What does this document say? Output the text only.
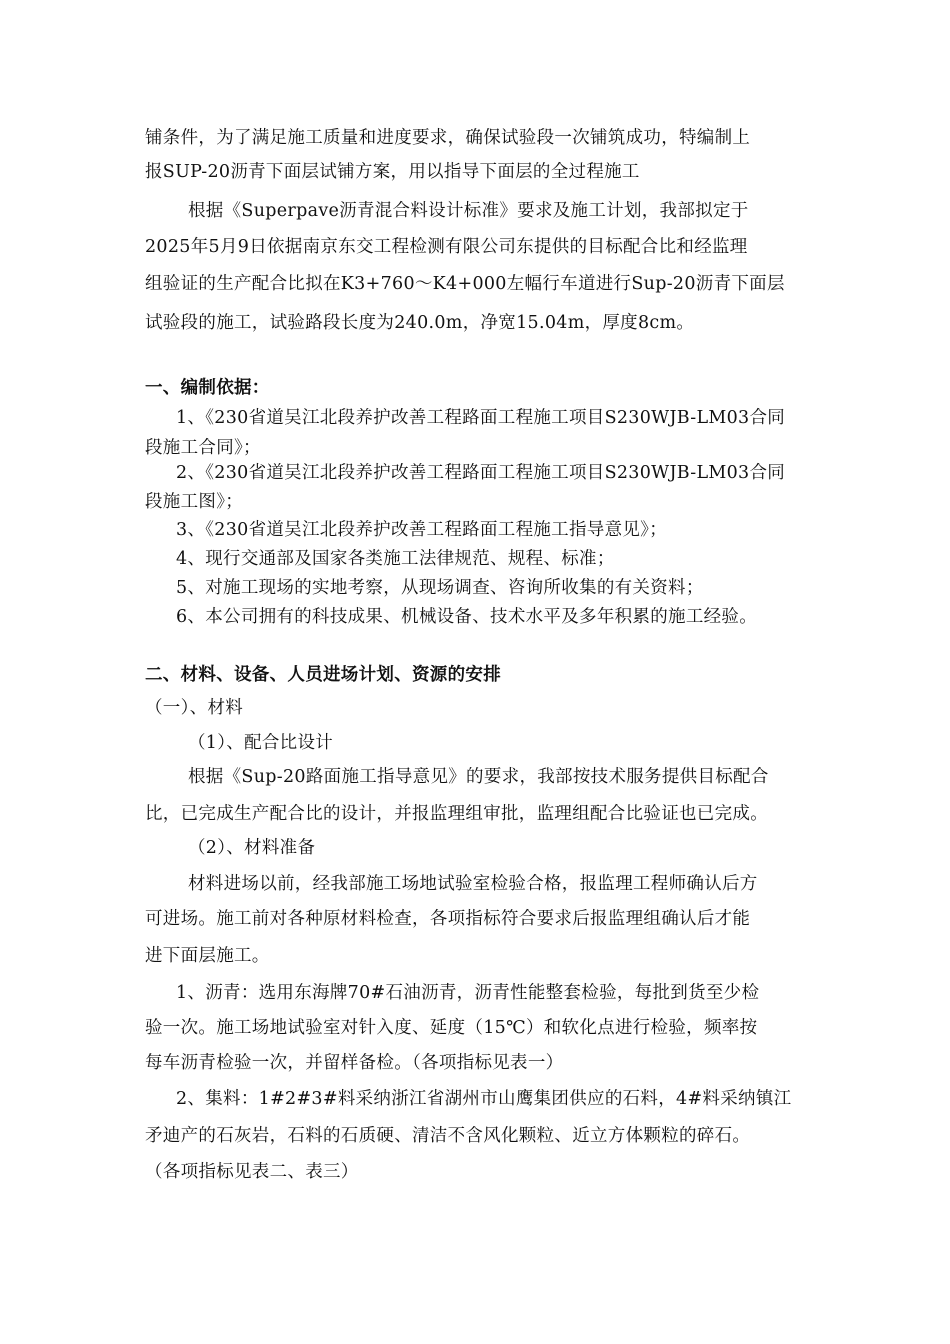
铺条件，为了满足施工质量和进度要求，确保试验段一次铺筑成功，特编制上
报SUP-20沥青下面层试铺方案，用以指导下面层的全过程施工
根据《Superpave沥青混合料设计标准》要求及施工计划，我部拟定于
2025年5月9日依据南京东交工程检测有限公司东提供的目标配合比和经监理
组验证的生产配合比拟在K3+760～K4+000左幅行车道进行Sup-20沥青下面层
试验段的施工，试验路段长度为240.0m，净宽15.04m，厚度8cm。
一、编制依据：
1、《230省道吴江北段养护改善工程路面工程施工项目S230WJB-LM03合同
段施工合同》；
2、《230省道吴江北段养护改善工程路面工程施工项目S230WJB-LM03合同
段施工图》；
3、《230省道吴江北段养护改善工程路面工程施工指导意见》；
4、现行交通部及国家各类施工法律规范、规程、标准；
5、对施工现场的实地考察，从现场调查、咨询所收集的有关资料；
6、本公司拥有的科技成果、机械设备、技术水平及多年积累的施工经验。
二、材料、设备、人员进场计划、资源的安排
（一）、材料
（1）、配合比设计
根据《Sup-20路面施工指导意见》的要求，我部按技术服务提供目标配合
比，已完成生产配合比的设计，并报监理组审批，监理组配合比验证也已完成。
（2）、材料准备
材料进场以前，经我部施工场地试验室检验合格，报监理工程师确认后方
可进场。施工前对各种原材料检查，各项指标符合要求后报监理组确认后才能
进下面层施工。
1、沥青：选用东海牌70#石油沥青，沥青性能整套检验，每批到货至少检
验一次。施工场地试验室对针入度、延度（15℃）和软化点进行检验，频率按
每车沥青检验一次，并留样备检。（各项指标见表一）
2、集料：1#2#3#料采纳浙江省湖州市山鹰集团供应的石料，4#料采纳镇江
矛迪产的石灰岩，石料的石质硬、清洁不含风化颗粒、近立方体颗粒的碎石。
（各项指标见表二、表三）
